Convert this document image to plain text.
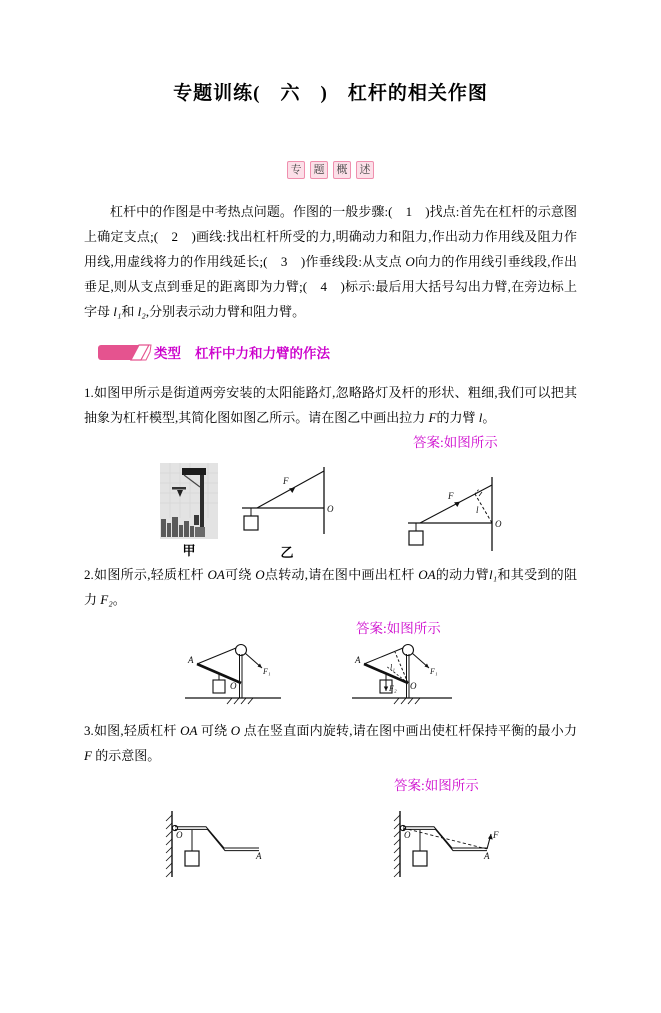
专题训练(　六　)　杠杆的相关作图
专	题	概	述
杠杆中的作图是中考热点问题。作图的一般步骤:(　1　)找点:首先在杠杆的示意图上确定支点;(　2　)画线:找出杠杆所受的力,明确动力和阻力,作出动力作用线及阻力作用线,用虚线将力的作用线延长;(　3　)作垂线段:从支点 O向力的作用线引垂线段,作出垂足,则从支点到垂足的距离即为力臂;(　4　)标示:最后用大括号勾出力臂,在旁边标上字母 l₁和 l₂,分别表示动力臂和阻力臂。
类型 杠杆中力和力臂的作法
1.如图甲所示是街道两旁安装的太阳能路灯,忽略路灯及杆的形状、粗细,我们可以把其抽象为杠杆模型,其简化图如图乙所示。请在图乙中画出拉力 F的力臂 l。
答案:如图所示
甲
F
O
乙
F
l
O
2.如图所示,轻质杠杆 OA可绕 O点转动,请在图中画出杠杆 OA的动力臂l₁和其受到的阻力 F₂。
答案:如图所示
A
O
F₁	l₁
F₂
A
O
F₁
3.如图,轻质杠杆 OA 可绕 O 点在竖直面内旋转,请在图中画出使杠杆保持平衡的最小力 F 的示意图。
答案:如图所示
O
A
F
O
A
